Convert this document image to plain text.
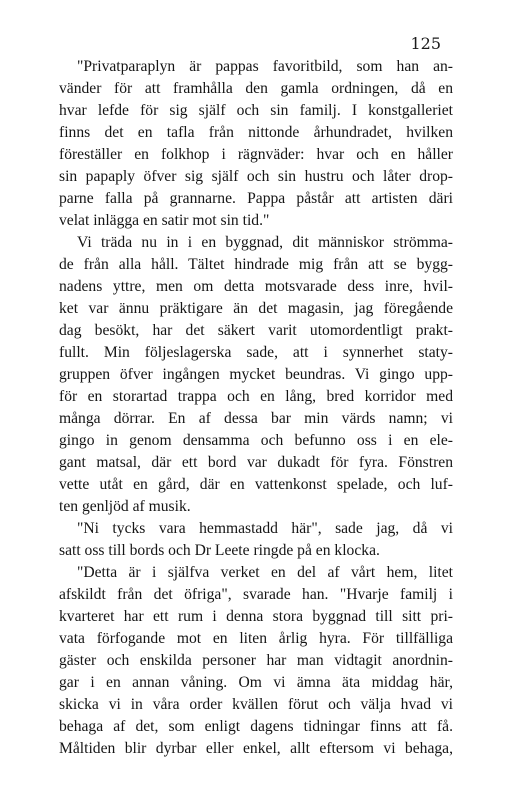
125
"Privatparaplyn är pappas favoritbild, som han an-
vänder för att framhålla den gamla ordningen, då en
hvar lefde för sig själf och sin familj. I konstgalleriet
finns det en tafla från nittonde århundradet, hvilken
föreställer en folkhop i rägnväder: hvar och en håller
sin papaply öfver sig själf och sin hustru och låter drop-
parne falla på grannarne. Pappa påstår att artisten däri
velat inlägga en satir mot sin tid."
Vi träda nu in i en byggnad, dit människor strömma-
de från alla håll. Tältet hindrade mig från att se bygg-
nadens yttre, men om detta motsvarade dess inre, hvil-
ket var ännu präktigare än det magasin, jag föregående
dag besökt, har det säkert varit utomordentligt prakt-
fullt. Min följeslagerska sade, att i synnerhet staty-
gruppen öfver ingången mycket beundras. Vi gingo upp-
för en storartad trappa och en lång, bred korridor med
många dörrar. En af dessa bar min värds namn; vi
gingo in genom densamma och befunno oss i en ele-
gant matsal, där ett bord var dukadt för fyra. Fönstren
vette utåt en gård, där en vattenkonst spelade, och luf-
ten genljöd af musik.
"Ni tycks vara hemmastadd här", sade jag, då vi
satt oss till bords och Dr Leete ringde på en klocka.
"Detta är i själfva verket en del af vårt hem, litet
afskildt från det öfriga", svarade han. "Hvarje familj i
kvarteret har ett rum i denna stora byggnad till sitt pri-
vata förfogande mot en liten årlig hyra. För tillfälliga
gäster och enskilda personer har man vidtagit anordnin-
gar i en annan våning. Om vi ämna äta middag här,
skicka vi in våra order kvällen förut och välja hvad vi
behaga af det, som enligt dagens tidningar finns att få.
Måltiden blir dyrbar eller enkel, allt eftersom vi behaga,
